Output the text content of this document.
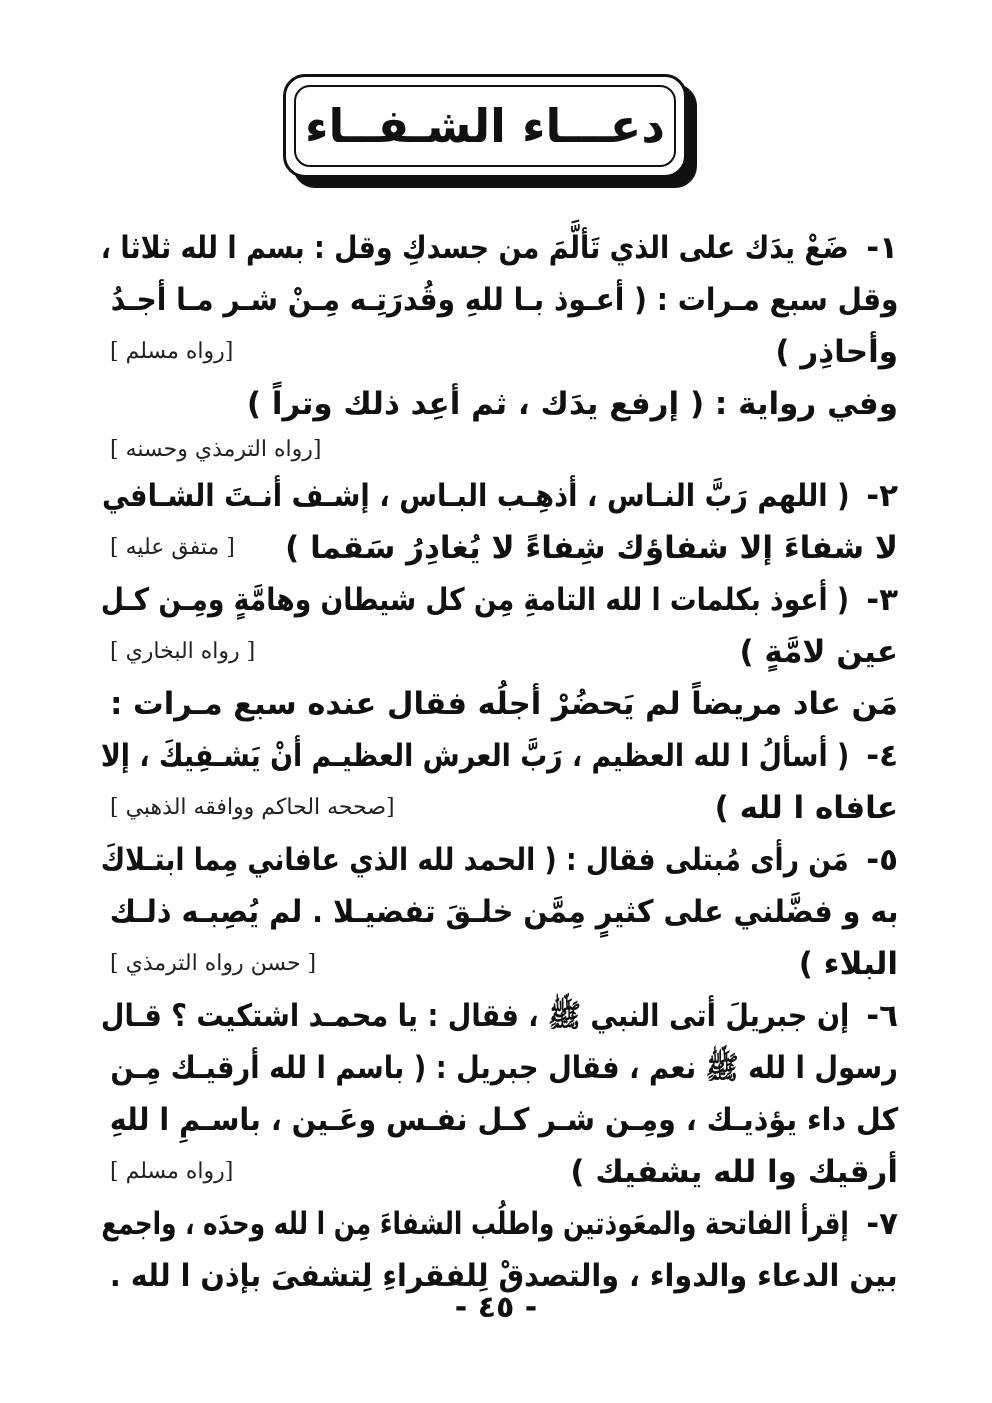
دعـــاء الشـفــاء
١- ضَعْ يدَك على الذي تَألَّمَ من جسدكِ وقل : بسم ا لله ثلاثا ،
وقل سبع مـرات : ( أعـوذ بـا للهِ وقُدرَتِـه مِـنْ شـر مـا أجـدُ
وأحاذِر )
[رواه مسلم ]
وفي رواية : ( إرفع يدَك ، ثم أعِد ذلك وتراً )
[رواه الترمذي وحسنه ]
٢- ( اللهم رَبَّ النـاس ، أذهِـب البـاس ، إشـف أنـتَ الشـافي
لا شفاءَ إلا شفاؤك شِفاءً لا يُغادِرُ سَقما )
[ متفق عليه ]
٣- ( أعوذ بكلمات ا لله التامةِ مِن كل شيطان وهامَّةٍ ومِـن كـل
عين لامَّةٍ )
[ رواه البخاري ]
مَن عاد مريضاً لم يَحضُرْ أجلُه فقال عنده سبع مـرات :
٤- ( أسألُ ا لله العظيم ، رَبَّ العرش العظيـم أنْ يَشـفِيكَ ، إلا
عافاه ا لله )
[صححه الحاكم ووافقه الذهبي ]
٥- مَن رأى مُبتلى فقال : ( الحمد لله الذي عافاني مِما ابتـلاكَ
به و فضَّلني على كثيرٍ مِمَّن خلـقَ تفضيـلا . لم يُصِبـه ذلـك
البلاء )
[ حسن رواه الترمذي ]
٦- إن جبريلَ أتى النبي ﷺ ، فقال : يا محمـد اشتكيت ؟ قـال
رسول ا لله ﷺ نعم ، فقال جبريل : ( باسم ا لله أرقيـك مِـن
كل داء يؤذيـك ، ومِـن شـر كـل نفـس وعَـين ، باسـمِ ا للهِ
أرقيك وا لله يشفيك )
[رواه مسلم ]
٧- إقرأ الفاتحة والمعَوذتين واطلُب الشفاءَ مِن ا لله وحدَه ، واجمع
بين الدعاء والدواء ، والتصدقْ لِلفقراءِ لِتشفىَ بإذن ا لله .
- ٤٥ -
